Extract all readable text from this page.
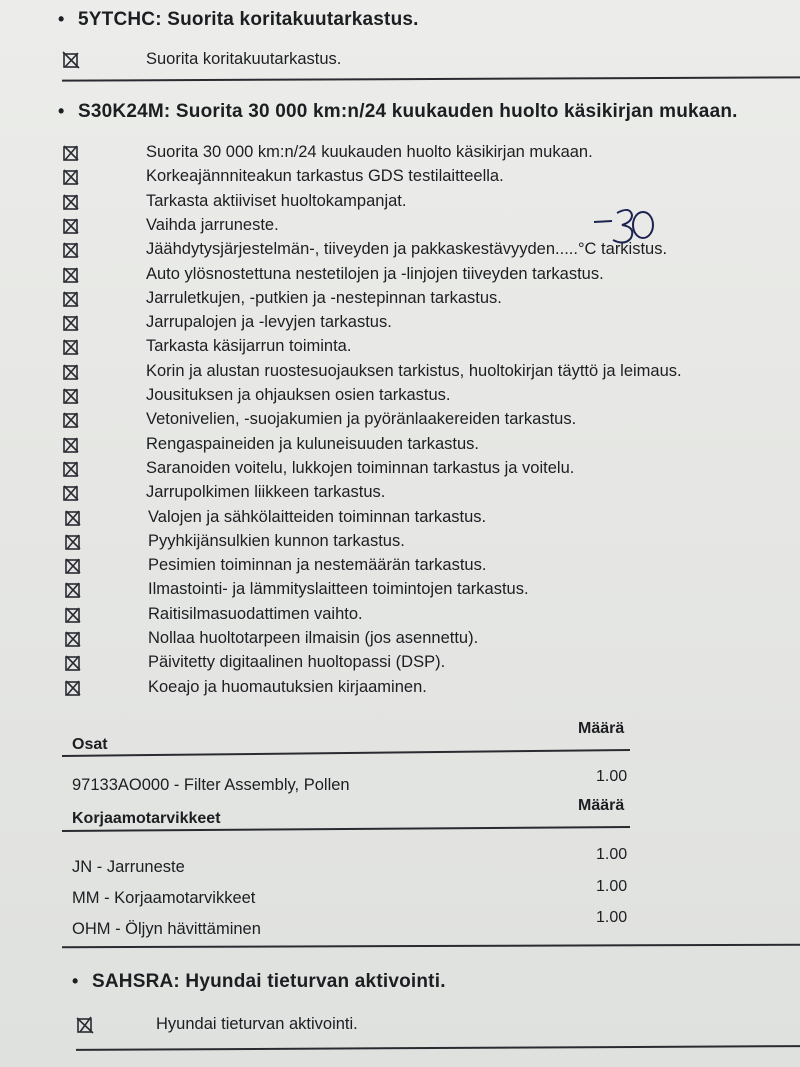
• 5YTCHC: Suorita koritakuutarkastus.
Suorita koritakuutarkastus.
• S30K24M: Suorita 30 000 km:n/24 kuukauden huolto käsikirjan mukaan.
Suorita 30 000 km:n/24 kuukauden huolto käsikirjan mukaan.
Korkeajännniteakun tarkastus GDS testilaitteella.
Tarkasta aktiiviset huoltokampanjat.
Vaihda jarruneste.
Jäähdytysjärjestelmän-, tiiveyden ja pakkaskestävyyden.....°C tarkistus.
Auto ylösnostettuna nestetilojen ja -linjojen tiiveyden tarkastus.
Jarruletkujen, -putkien ja -nestepinnan tarkastus.
Jarrupalojen ja -levyjen tarkastus.
Tarkasta käsijarrun toiminta.
Korin ja alustan ruostesuojauksen tarkistus, huoltokirjan täyttö ja leimaus.
Jousituksen ja ohjauksen osien tarkastus.
Vetonivelien, -suojakumien ja pyöränlaakereiden tarkastus.
Rengaspaineiden ja kuluneisuuden tarkastus.
Saranoiden voitelu, lukkojen toiminnan tarkastus ja voitelu.
Jarrupolkimen liikkeen tarkastus.
Valojen ja sähkölaitteiden toiminnan tarkastus.
Pyyhkijänsulkien kunnon tarkastus.
Pesimien toiminnan ja nestemäärän tarkastus.
Ilmastointi- ja lämmityslaitteen toimintojen tarkastus.
Raitisilmasuodattimen vaihto.
Nollaa huoltotarpeen ilmaisin (jos asennettu).
Päivitetty digitaalinen huoltopassi (DSP).
Koeajo ja huomautuksien kirjaaminen.
-30
Määrä
Osat
1.00
97133AO000 - Filter Assembly, Pollen
Määrä
Korjaamotarvikkeet
1.00
JN - Jarruneste
1.00
MM - Korjaamotarvikkeet
1.00
OHM - Öljyn hävittäminen
• SAHSRA: Hyundai tieturvan aktivointi.
Hyundai tieturvan aktivointi.
